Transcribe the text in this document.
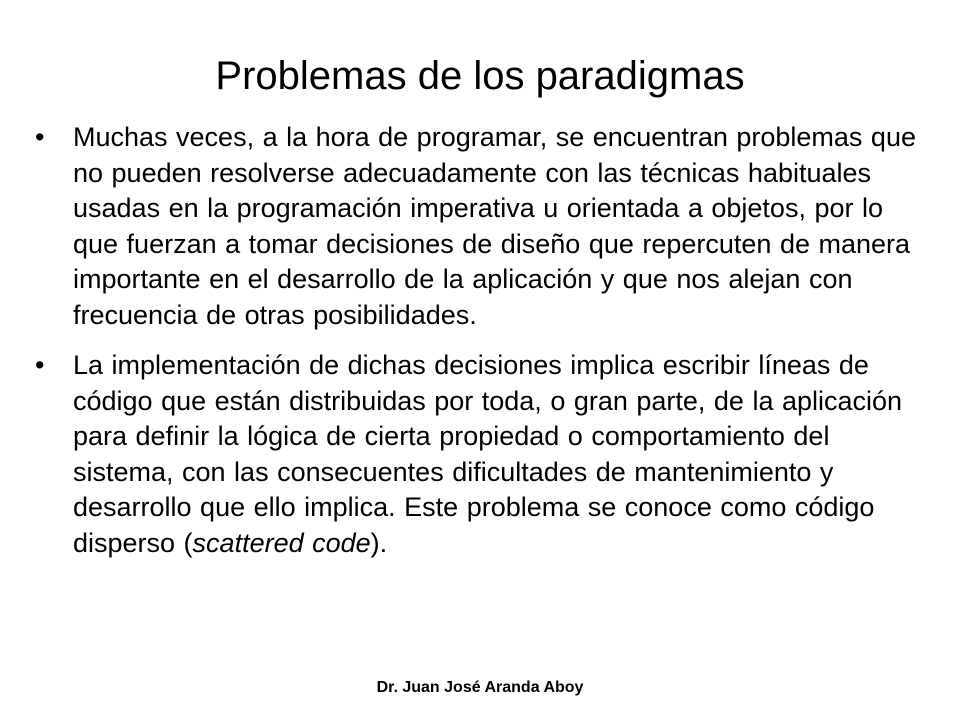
Problemas de los paradigmas
• Muchas veces, a la hora de programar, se encuentran problemas que no pueden resolverse adecuadamente con las técnicas habituales usadas en la programación imperativa u orientada a objetos, por lo que fuerzan a tomar decisiones de diseño que repercuten de manera importante en el desarrollo de la aplicación y que nos alejan con frecuencia de otras posibilidades.
• La implementación de dichas decisiones implica escribir líneas de código que están distribuidas por toda, o gran parte, de la aplicación para definir la lógica de cierta propiedad o comportamiento del sistema, con las consecuentes dificultades de mantenimiento y desarrollo que ello implica. Este problema se conoce como código disperso (scattered code).
Dr. Juan José Aranda Aboy
